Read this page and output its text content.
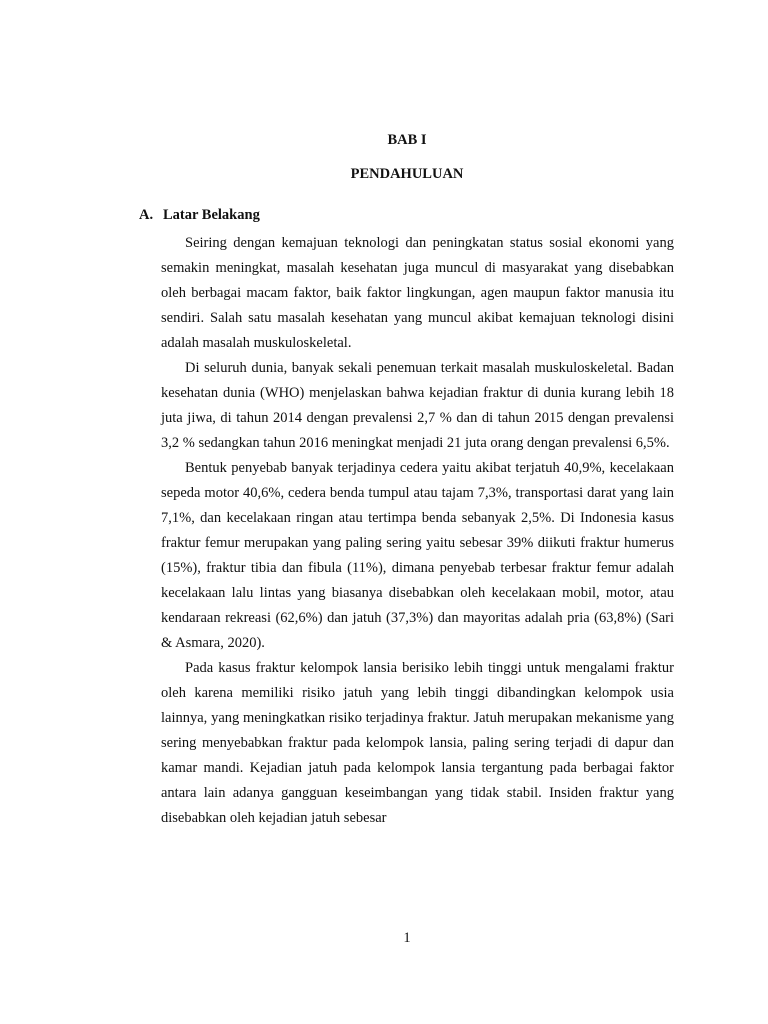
BAB I
PENDAHULUAN
A. Latar Belakang

Seiring dengan kemajuan teknologi dan peningkatan status sosial ekonomi yang semakin meningkat, masalah kesehatan juga muncul di masyarakat yang disebabkan oleh berbagai macam faktor, baik faktor lingkungan, agen maupun faktor manusia itu sendiri. Salah satu masalah kesehatan yang muncul akibat kemajuan teknologi disini adalah masalah muskuloskeletal.

Di seluruh dunia, banyak sekali penemuan terkait masalah muskuloskeletal. Badan kesehatan dunia (WHO) menjelaskan bahwa kejadian fraktur di dunia kurang lebih 18 juta jiwa, di tahun 2014 dengan prevalensi 2,7 % dan di tahun 2015 dengan prevalensi 3,2 % sedangkan tahun 2016 meningkat menjadi 21 juta orang dengan prevalensi 6,5%.

Bentuk penyebab banyak terjadinya cedera yaitu akibat terjatuh 40,9%, kecelakaan sepeda motor 40,6%, cedera benda tumpul atau tajam 7,3%, transportasi darat yang lain 7,1%, dan kecelakaan ringan atau tertimpa benda sebanyak 2,5%. Di Indonesia kasus fraktur femur merupakan yang paling sering yaitu sebesar 39% diikuti fraktur humerus (15%), fraktur tibia dan fibula (11%), dimana penyebab terbesar fraktur femur adalah kecelakaan lalu lintas yang biasanya disebabkan oleh kecelakaan mobil, motor, atau kendaraan rekreasi (62,6%) dan jatuh (37,3%) dan mayoritas adalah pria (63,8%) (Sari & Asmara, 2020).

Pada kasus fraktur kelompok lansia berisiko lebih tinggi untuk mengalami fraktur oleh karena memiliki risiko jatuh yang lebih tinggi dibandingkan kelompok usia lainnya, yang meningkatkan risiko terjadinya fraktur. Jatuh merupakan mekanisme yang sering menyebabkan fraktur pada kelompok lansia, paling sering terjadi di dapur dan kamar mandi. Kejadian jatuh pada kelompok lansia tergantung pada berbagai faktor antara lain adanya gangguan keseimbangan yang tidak stabil. Insiden fraktur yang disebabkan oleh kejadian jatuh sebesar

1
